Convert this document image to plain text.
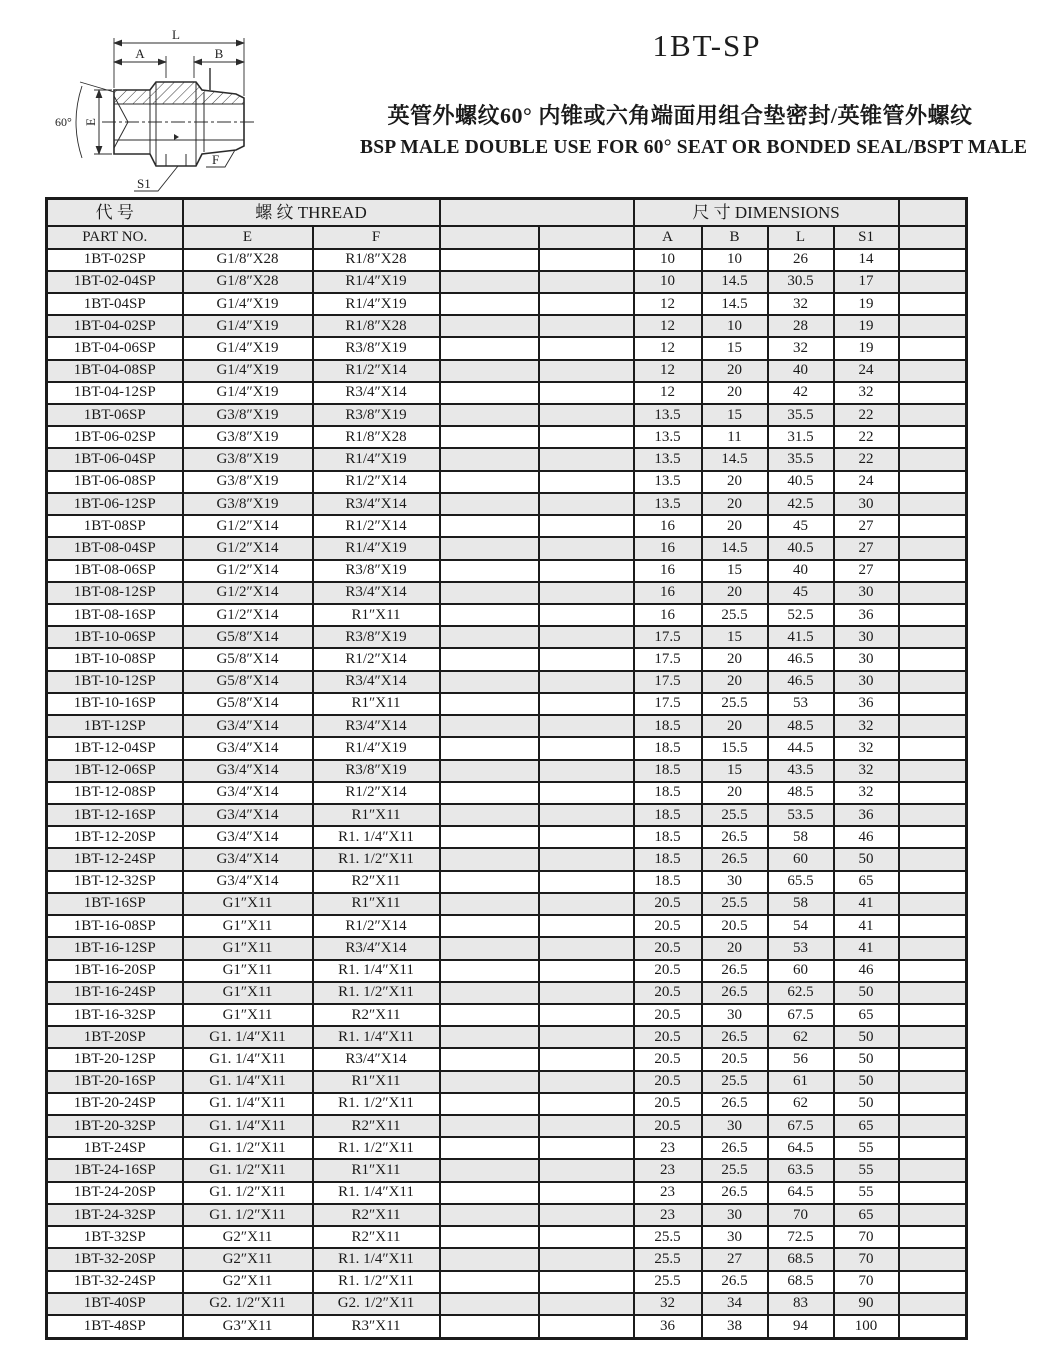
L
A	B
E
60°
S1
F
1BT-SP
英管外螺纹60° 内锥或六角端面用组合垫密封/英锥管外螺纹
BSP MALE DOUBLE USE FOR 60° SEAT OR BONDED SEAL/BSPT MALE
代 号	螺 纹 THREAD				尺 寸 DIMENSIONS				
PART NO.	E	F			A	B	L	S1	
1BT-02SP	G1/8″X28	R1/8″X28			10	10	26	14	
1BT-02-04SP	G1/8″X28	R1/4″X19			10	14.5	30.5	17	
1BT-04SP	G1/4″X19	R1/4″X19			12	14.5	32	19	
1BT-04-02SP	G1/4″X19	R1/8″X28			12	10	28	19	
1BT-04-06SP	G1/4″X19	R3/8″X19			12	15	32	19	
1BT-04-08SP	G1/4″X19	R1/2″X14			12	20	40	24	
1BT-04-12SP	G1/4″X19	R3/4″X14			12	20	42	32	
1BT-06SP	G3/8″X19	R3/8″X19			13.5	15	35.5	22	
1BT-06-02SP	G3/8″X19	R1/8″X28			13.5	11	31.5	22	
1BT-06-04SP	G3/8″X19	R1/4″X19			13.5	14.5	35.5	22	
1BT-06-08SP	G3/8″X19	R1/2″X14			13.5	20	40.5	24	
1BT-06-12SP	G3/8″X19	R3/4″X14			13.5	20	42.5	30	
1BT-08SP	G1/2″X14	R1/2″X14			16	20	45	27	
1BT-08-04SP	G1/2″X14	R1/4″X19			16	14.5	40.5	27	
1BT-08-06SP	G1/2″X14	R3/8″X19			16	15	40	27	
1BT-08-12SP	G1/2″X14	R3/4″X14			16	20	45	30	
1BT-08-16SP	G1/2″X14	R1″X11			16	25.5	52.5	36	
1BT-10-06SP	G5/8″X14	R3/8″X19			17.5	15	41.5	30	
1BT-10-08SP	G5/8″X14	R1/2″X14			17.5	20	46.5	30	
1BT-10-12SP	G5/8″X14	R3/4″X14			17.5	20	46.5	30	
1BT-10-16SP	G5/8″X14	R1″X11			17.5	25.5	53	36	
1BT-12SP	G3/4″X14	R3/4″X14			18.5	20	48.5	32	
1BT-12-04SP	G3/4″X14	R1/4″X19			18.5	15.5	44.5	32	
1BT-12-06SP	G3/4″X14	R3/8″X19			18.5	15	43.5	32	
1BT-12-08SP	G3/4″X14	R1/2″X14			18.5	20	48.5	32	
1BT-12-16SP	G3/4″X14	R1″X11			18.5	25.5	53.5	36	
1BT-12-20SP	G3/4″X14	R1. 1/4″X11			18.5	26.5	58	46	
1BT-12-24SP	G3/4″X14	R1. 1/2″X11			18.5	26.5	60	50	
1BT-12-32SP	G3/4″X14	R2″X11			18.5	30	65.5	65	
1BT-16SP	G1″X11	R1″X11			20.5	25.5	58	41	
1BT-16-08SP	G1″X11	R1/2″X14			20.5	20.5	54	41	
1BT-16-12SP	G1″X11	R3/4″X14			20.5	20	53	41	
1BT-16-20SP	G1″X11	R1. 1/4″X11			20.5	26.5	60	46	
1BT-16-24SP	G1″X11	R1. 1/2″X11			20.5	26.5	62.5	50	
1BT-16-32SP	G1″X11	R2″X11			20.5	30	67.5	65	
1BT-20SP	G1. 1/4″X11	R1. 1/4″X11			20.5	26.5	62	50	
1BT-20-12SP	G1. 1/4″X11	R3/4″X14			20.5	20.5	56	50	
1BT-20-16SP	G1. 1/4″X11	R1″X11			20.5	25.5	61	50	
1BT-20-24SP	G1. 1/4″X11	R1. 1/2″X11			20.5	26.5	62	50	
1BT-20-32SP	G1. 1/4″X11	R2″X11			20.5	30	67.5	65	
1BT-24SP	G1. 1/2″X11	R1. 1/2″X11			23	26.5	64.5	55	
1BT-24-16SP	G1. 1/2″X11	R1″X11			23	25.5	63.5	55	
1BT-24-20SP	G1. 1/2″X11	R1. 1/4″X11			23	26.5	64.5	55	
1BT-24-32SP	G1. 1/2″X11	R2″X11			23	30	70	65	
1BT-32SP	G2″X11	R2″X11			25.5	30	72.5	70	
1BT-32-20SP	G2″X11	R1. 1/4″X11			25.5	27	68.5	70	
1BT-32-24SP	G2″X11	R1. 1/2″X11			25.5	26.5	68.5	70	
1BT-40SP	G2. 1/2″X11	G2. 1/2″X11			32	34	83	90	
1BT-48SP	G3″X11	R3″X11			36	38	94	100	
